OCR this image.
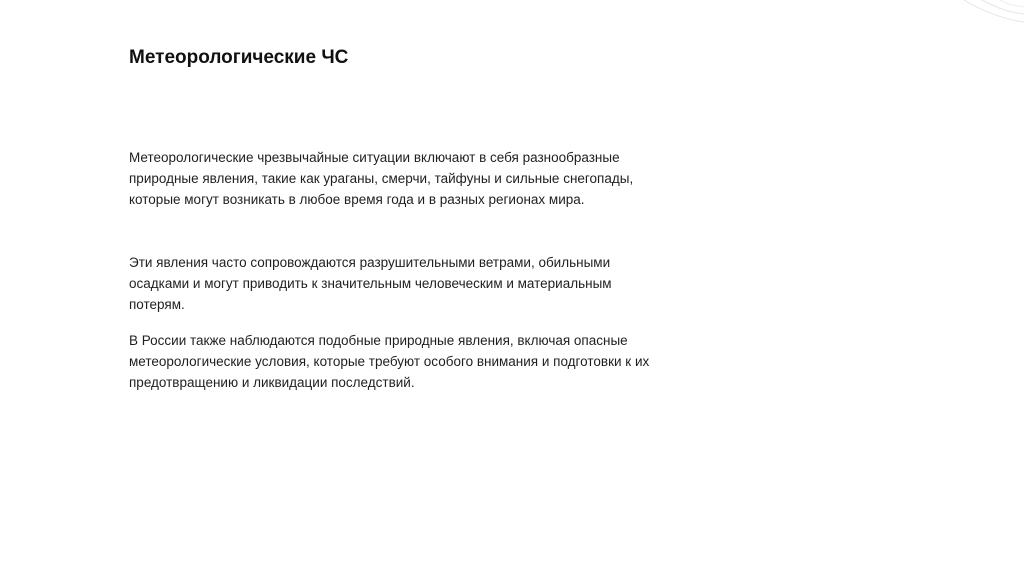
Метеорологические ЧС

Метеорологические чрезвычайные ситуации включают в себя разнообразные
природные явления, такие как ураганы, смерчи, тайфуны и сильные снегопады,
которые могут возникать в любое время года и в разных регионах мира.

Эти явления часто сопровождаются разрушительными ветрами, обильными
осадками и могут приводить к значительным человеческим и материальным
потерям.

В России также наблюдаются подобные природные явления, включая опасные
метеорологические условия, которые требуют особого внимания и подготовки к их
предотвращению и ликвидации последствий.
